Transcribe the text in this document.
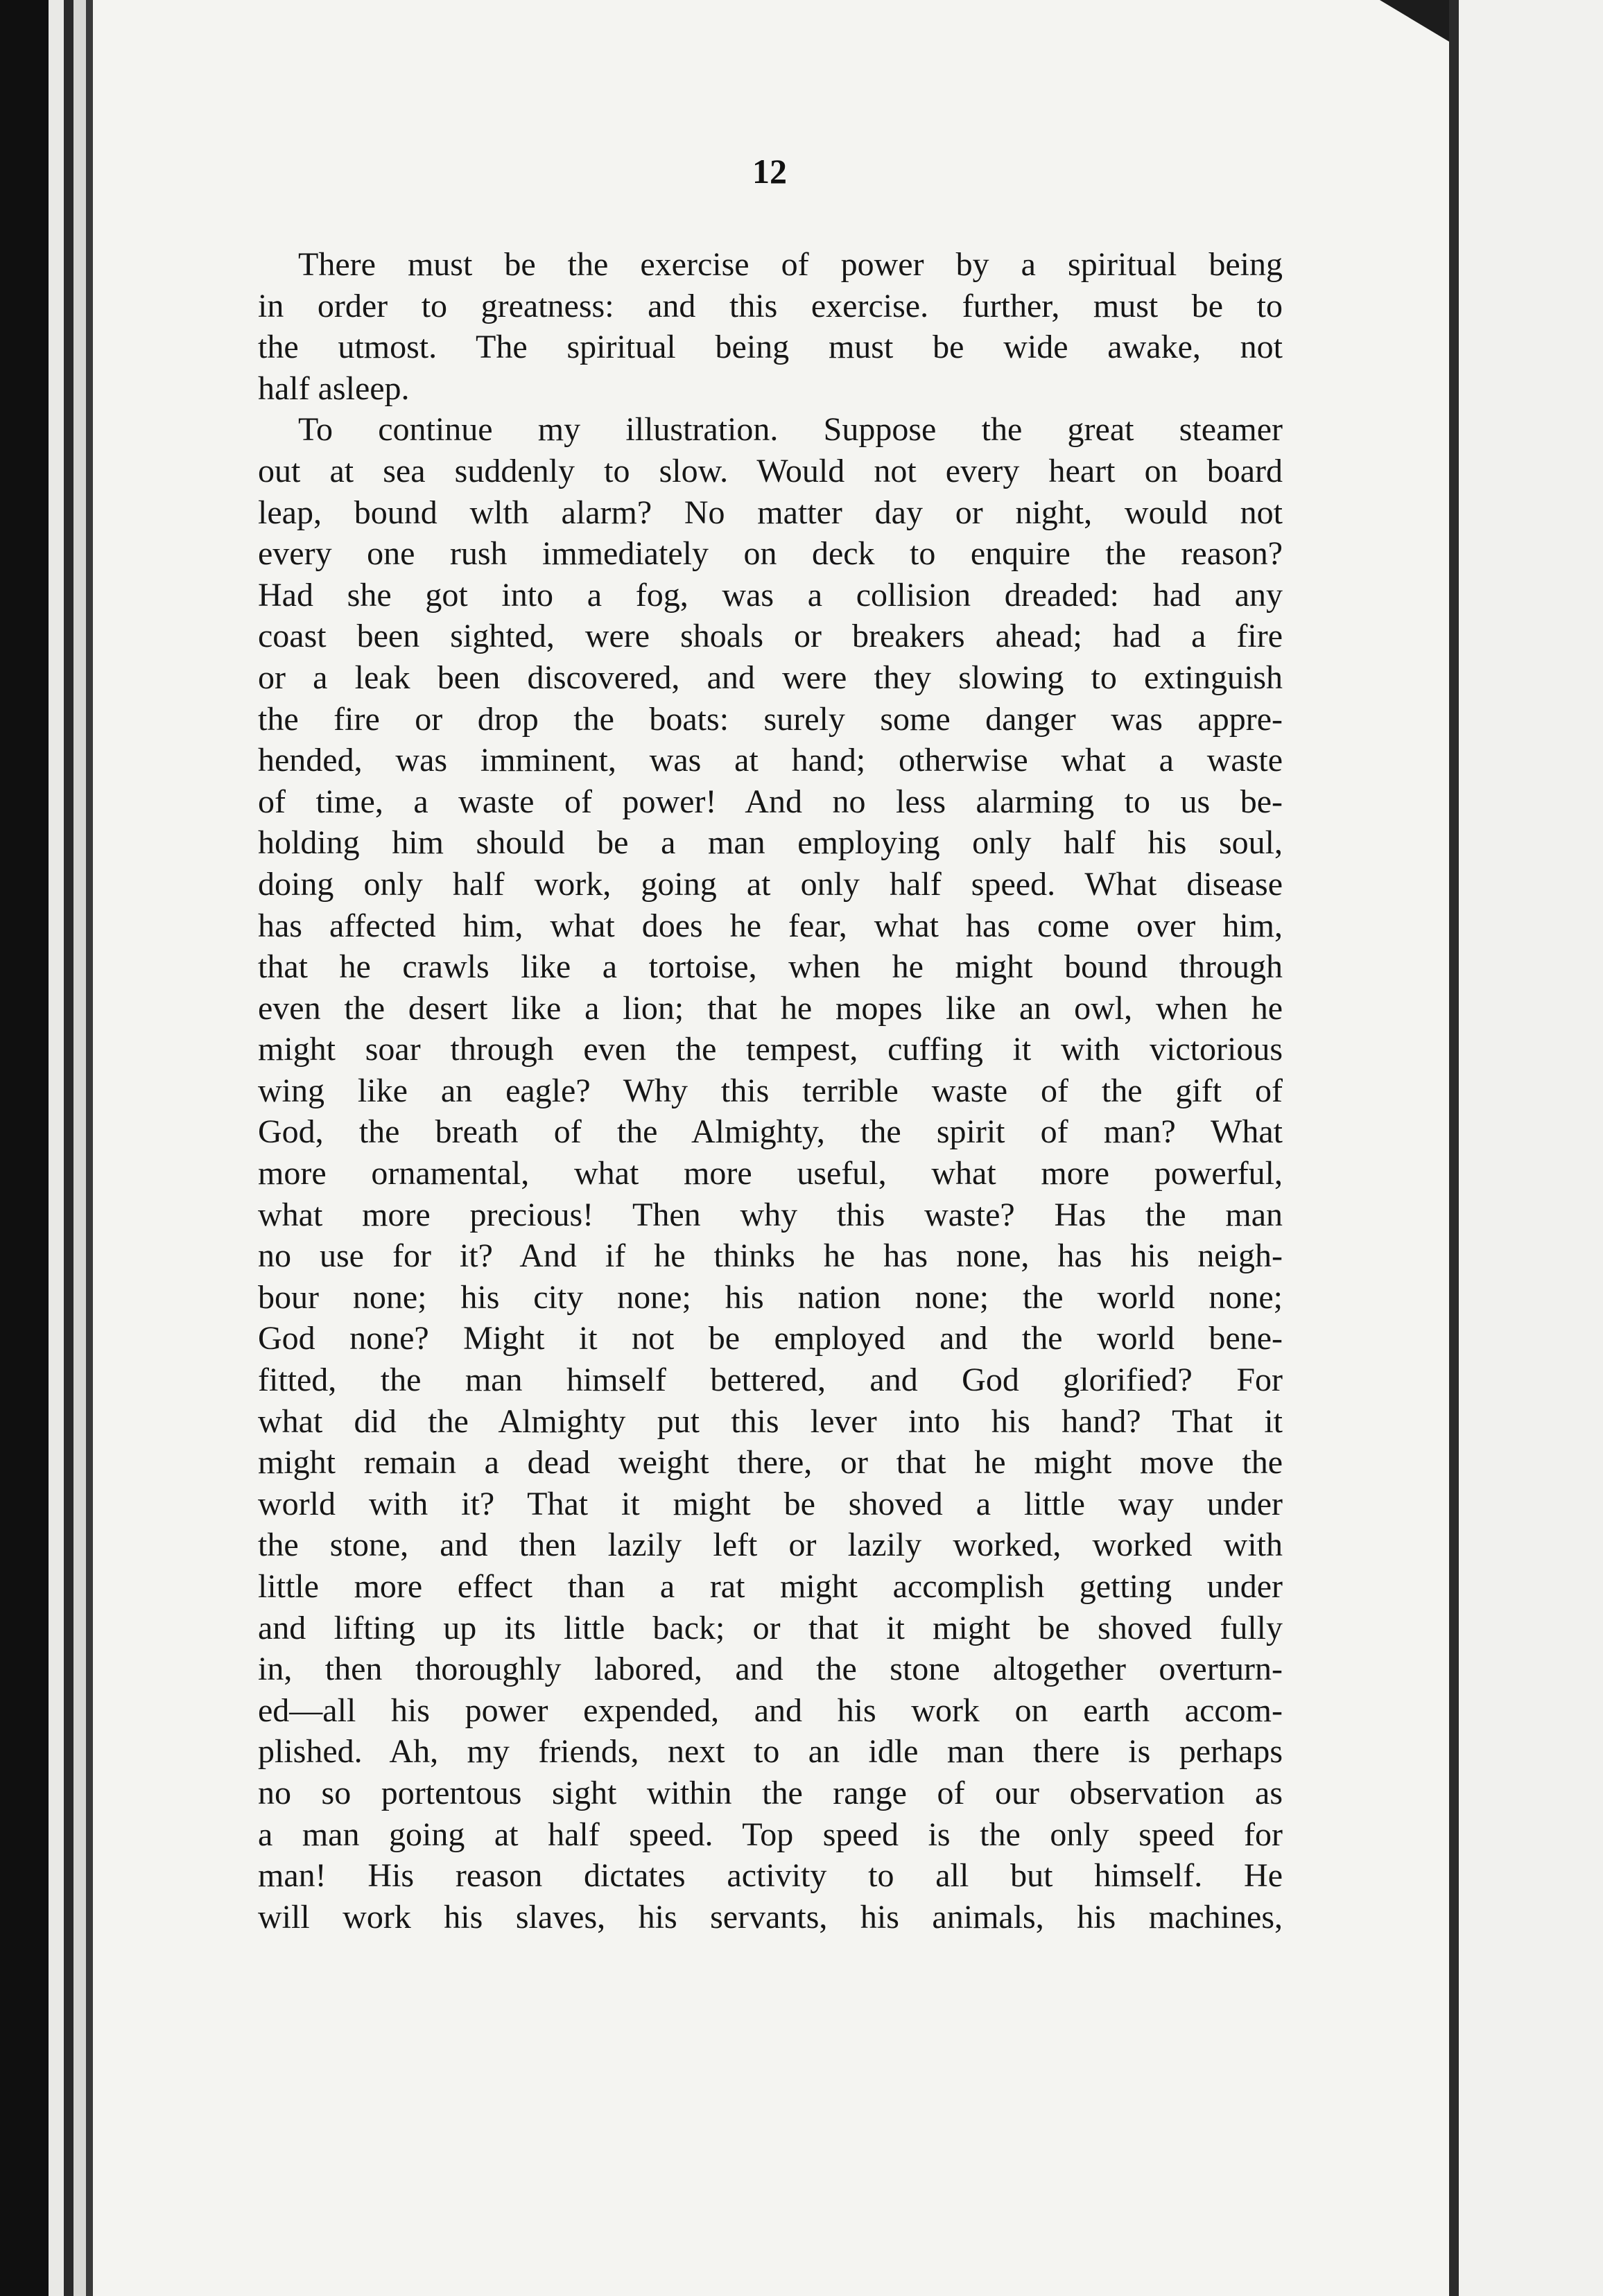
12
There must be the exercise of power by a spiritual being
in order to greatness: and this exercise. further, must be to
the utmost. The spiritual being must be wide awake, not
half asleep.
To continue my illustration. Suppose the great steamer
out at sea suddenly to slow. Would not every heart on board
leap, bound wlth alarm? No matter day or night, would not
every one rush immediately on deck to enquire the reason?
Had she got into a fog, was a collision dreaded: had any
coast been sighted, were shoals or breakers ahead; had a fire
or a leak been discovered, and were they slowing to extinguish
the fire or drop the boats: surely some danger was appre-
hended, was imminent, was at hand; otherwise what a waste
of time, a waste of power! And no less alarming to us be-
holding him should be a man employing only half his soul,
doing only half work, going at only half speed. What disease
has affected him, what does he fear, what has come over him,
that he crawls like a tortoise, when he might bound through
even the desert like a lion; that he mopes like an owl, when he
might soar through even the tempest, cuffing it with victorious
wing like an eagle? Why this terrible waste of the gift of
God, the breath of the Almighty, the spirit of man? What
more ornamental, what more useful, what more powerful,
what more precious! Then why this waste? Has the man
no use for it? And if he thinks he has none, has his neigh-
bour none; his city none; his nation none; the world none;
God none? Might it not be employed and the world bene-
fitted, the man himself bettered, and God glorified? For
what did the Almighty put this lever into his hand? That it
might remain a dead weight there, or that he might move the
world with it? That it might be shoved a little way under
the stone, and then lazily left or lazily worked, worked with
little more effect than a rat might accomplish getting under
and lifting up its little back; or that it might be shoved fully
in, then thoroughly labored, and the stone altogether overturn-
ed—all his power expended, and his work on earth accom-
plished. Ah, my friends, next to an idle man there is perhaps
no so portentous sight within the range of our observation as
a man going at half speed. Top speed is the only speed for
man! His reason dictates activity to all but himself. He
will work his slaves, his servants, his animals, his machines,
